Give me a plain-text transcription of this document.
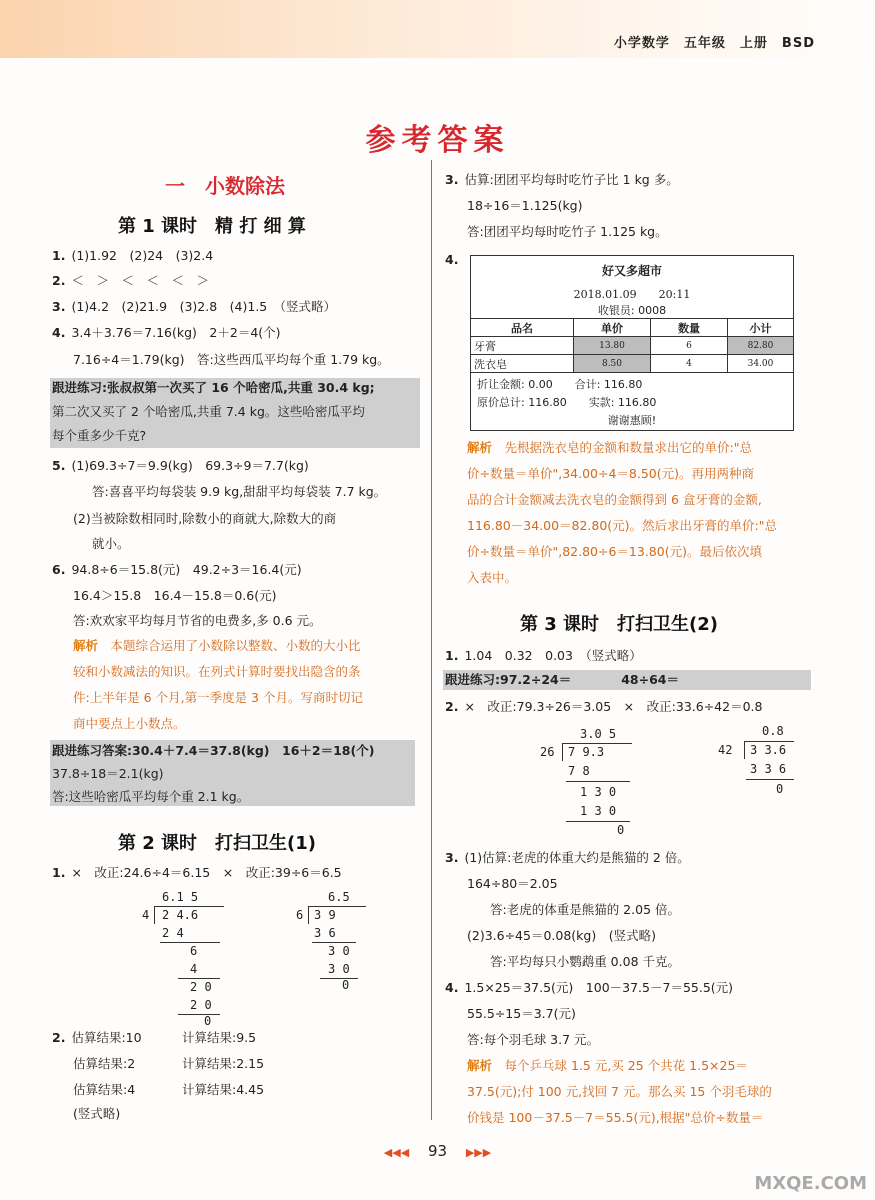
小学数学　五年级　上册　BSD
参考答案
一　小数除法
第 1 课时　精 打 细 算
1. (1)1.92　(2)24　(3)2.4
2. ＜　＞　＜　＜　＜　＞
3. (1)4.2　(2)21.9　(3)2.8　(4)1.5　（竖式略）
4. 3.4＋3.76＝7.16(kg)　2＋2＝4(个)
7.16÷4＝1.79(kg)　答:这些西瓜平均每个重 1.79 kg。
跟进练习:张叔叔第一次买了 16 个哈密瓜,共重 30.4 kg;
第二次又买了 2 个哈密瓜,共重 7.4 kg。这些哈密瓜平均
每个重多少千克?
5. (1)69.3÷7＝9.9(kg)　69.3÷9＝7.7(kg)
答:喜喜平均每袋装 9.9 kg,甜甜平均每袋装 7.7 kg。
(2)当被除数相同时,除数小的商就大,除数大的商
就小。
6. 94.8÷6＝15.8(元)　49.2÷3＝16.4(元)
16.4＞15.8　16.4－15.8＝0.6(元)
答:欢欢家平均每月节省的电费多,多 0.6 元。
解析　 本题综合运用了小数除以整数、小数的大小比
较和小数减法的知识。在列式计算时要找出隐含的条
件:上半年是 6 个月,第一季度是 3 个月。写商时切记
商中要点上小数点。
跟进练习答案:30.4＋7.4＝37.8(kg)　16＋2＝18(个)
37.8÷18＝2.1(kg)
答:这些哈密瓜平均每个重 2.1 kg。
第 2 课时　打扫卫生(1)
1. ×　改正:24.6÷4＝6.15　×　改正:39÷6＝6.5
6.1 5
4 2 4.6
2 4
6
4
2 0
2 0
0
6.5
6 3 9
3 6
3 0
3 0
0
2. 估算结果:10	计算结果:9.5
估算结果:2	计算结果:2.15
估算结果:4	计算结果:4.45
(竖式略)
3. 估算:团团平均每时吃竹子比 1 kg 多。
18÷16＝1.125(kg)
答:团团平均每时吃竹子 1.125 kg。
4.
好又多超市
2018.01.09　　20:11
收银员: 0008
品名	单价	数量	小计
牙膏	13.80	6	82.80
洗衣皂	8.50	4	34.00
折让金额: 0.00　　合计: 116.80
原价总计: 116.80　　实款: 116.80
谢谢惠顾!
解析　 先根据洗衣皂的金额和数量求出它的单价:"总
价÷数量＝单价",34.00÷4＝8.50(元)。再用两种商
品的合计金额减去洗衣皂的金额得到 6 盒牙膏的金额,
116.80－34.00＝82.80(元)。然后求出牙膏的单价:"总
价÷数量＝单价",82.80÷6＝13.80(元)。最后依次填
入表中。
第 3 课时　打扫卫生(2)
1. 1.04　0.32　0.03　（竖式略）
跟进练习:97.2÷24＝　　　　48÷64＝
2. ×　改正:79.3÷26＝3.05　×　改正:33.6÷42＝0.8
3.0 5
26 7 9.3
7 8
1 3 0
1 3 0
0
0.8
42 3 3.6
3 3 6
0
3. (1)估算:老虎的体重大约是熊猫的 2 倍。
164÷80＝2.05
答:老虎的体重是熊猫的 2.05 倍。
(2)3.6÷45＝0.08(kg)　(竖式略)
答:平均每只小鹦鹉重 0.08 千克。
4. 1.5×25＝37.5(元)　100－37.5－7＝55.5(元)
55.5÷15＝3.7(元)
答:每个羽毛球 3.7 元。
解析　 每个乒乓球 1.5 元,买 25 个共花 1.5×25＝
37.5(元);付 100 元,找回 7 元。那么买 15 个羽毛球的
价钱是 100－37.5－7＝55.5(元),根据"总价÷数量＝
◀◀◀ 93 ▶▶▶
MXQE.COM
